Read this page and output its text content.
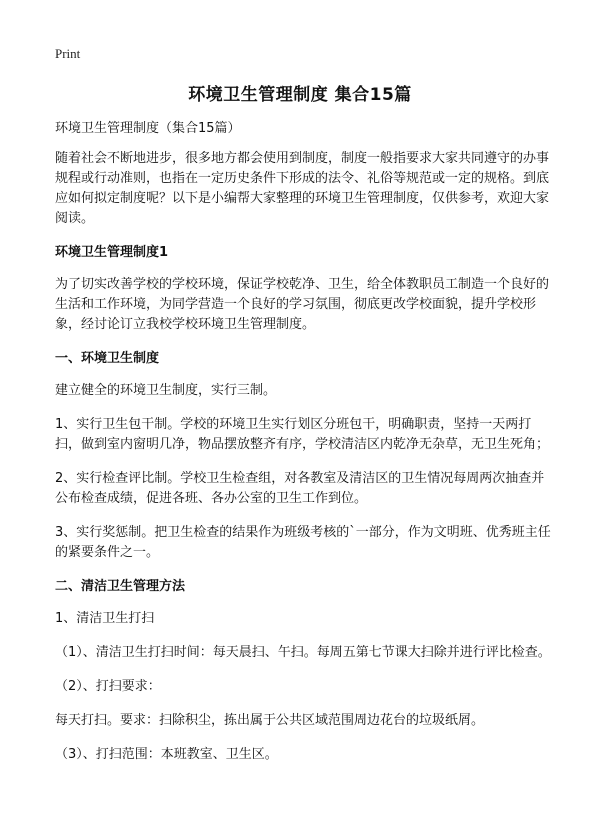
Print
环境卫生管理制度 集合15篇

环境卫生管理制度（集合15篇）

随着社会不断地进步，很多地方都会使用到制度，制度一般指要求大家共同遵守的办事规程或行动准则，也指在一定历史条件下形成的法令、礼俗等规范或一定的规格。到底应如何拟定制度呢？以下是小编帮大家整理的环境卫生管理制度，仅供参考，欢迎大家阅读。

环境卫生管理制度1

为了切实改善学校的学校环境，保证学校乾净、卫生，给全体教职员工制造一个良好的生活和工作环境，为同学营造一个良好的学习氛围，彻底更改学校面貌，提升学校形象，经讨论订立我校学校环境卫生管理制度。

一、环境卫生制度

建立健全的环境卫生制度，实行三制。

1、实行卫生包干制。学校的环境卫生实行划区分班包干，明确职责，坚持一天两打扫，做到室内窗明几净，物品摆放整齐有序，学校清洁区内乾净无杂草，无卫生死角；

2、实行检查评比制。学校卫生检查组，对各教室及清洁区的卫生情况每周两次抽查并公布检查成绩，促进各班、各办公室的卫生工作到位。

3、实行奖惩制。把卫生检查的结果作为班级考核的`一部分，作为文明班、优秀班主任的紧要条件之一。

二、清洁卫生管理方法

1、清洁卫生打扫

（1）、清洁卫生打扫时间：每天晨扫、午扫。每周五第七节课大扫除并进行评比检查。

（2）、打扫要求：

每天打扫。要求：扫除积尘，拣出属于公共区域范围周边花台的垃圾纸屑。

（3）、打扫范围：本班教室、卫生区。
